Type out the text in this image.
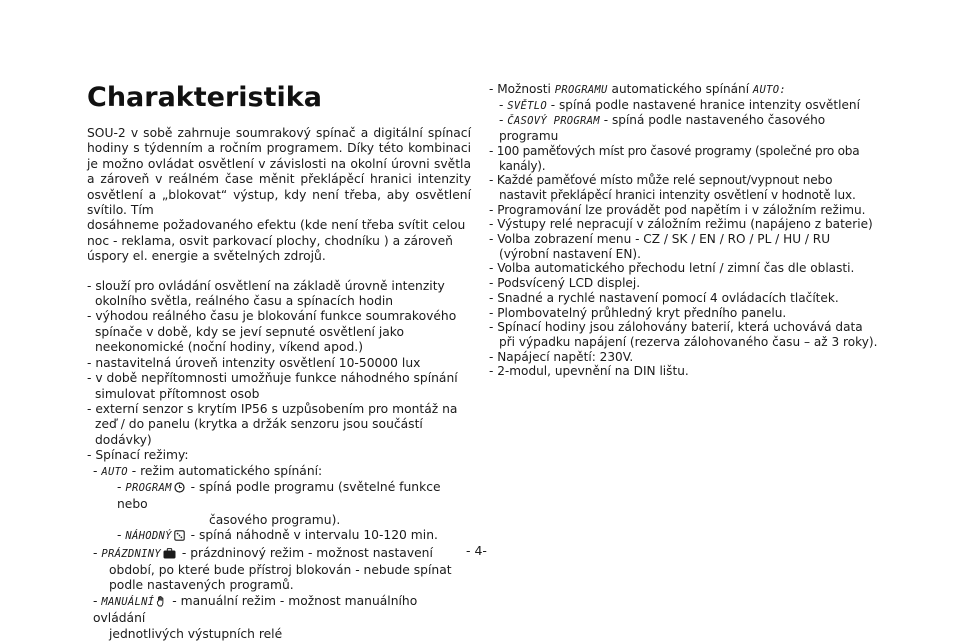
Charakteristika

SOU-2 v sobě zahrnuje soumrakový spínač a digitální spínací hodiny s týdenním a ročním programem. Díky této kombinaci je možno ovládat osvětlení v závislosti na okolní úrovni světla a zároveň v reálném čase měnit překlápěcí hranici intenzity osvětlení a „blokovat“ výstup, kdy není třeba, aby osvětlení svítilo. Tím

dosáhneme požadovaného efektu (kde není třeba svítit celou noc - reklama, osvit parkovací plochy, chodníku ) a zároveň úspory el. energie a světelných zdrojů.

- slouží pro ovládání osvětlení na základě úrovně intenzity okolního světla, reálného času a spínacích hodin
- výhodou reálného času je blokování funkce soumrakového spínače v době, kdy se jeví sepnuté osvětlení jako neekonomické (noční hodiny, víkend apod.)
- nastavitelná úroveň intenzity osvětlení 10-50000 lux
- v době nepřítomnosti umožňuje funkce náhodného spínání simulovat přítomnost osob
- externí senzor s krytím IP56 s uzpůsobením pro montáž na zeď / do panelu (krytka a držák senzoru jsou součástí dodávky)
- Spínací režimy:
- AUTO - režim automatického spínání:
- PROGRAM - spíná podle programu (světelné funkce nebo
časového programu).
- NÁHODNÝ - spíná náhodně v intervalu 10-120 min.
- PRÁZDNINY - prázdninový režim - možnost nastavení
období, po které bude přístroj blokován - nebude spínat podle nastavených programů.
- MANUÁLNÍ - manuální režim - možnost manuálního ovládání
jednotlivých výstupních relé
- Možnosti PROGRAMU automatického spínání AUTO:
- SVĚTLO - spíná podle nastavené hranice intenzity osvětlení
- ČASOVÝ PROGRAM - spíná podle nastaveného časového programu
- 100 paměťových míst pro časové programy (společné pro oba kanály).
- Každé paměťové místo může relé sepnout/vypnout nebo nastavit překlápěcí hranici intenzity osvětlení v hodnotě lux.
- Programování lze provádět pod napětím i v záložním režimu.
- Výstupy relé nepracují v záložním režimu (napájeno z baterie)
- Volba zobrazení menu - CZ / SK / EN / RO / PL / HU / RU (výrobní nastavení EN).
- Volba automatického přechodu letní / zimní čas dle oblasti.
- Podsvícený LCD displej.
- Snadné a rychlé nastavení pomocí 4 ovládacích tlačítek.
- Plombovatelný průhledný kryt předního panelu.
- Spínací hodiny jsou zálohovány baterií, která uchovává data při výpadku napájení (rezerva zálohovaného času – až 3 roky).
- Napájecí napětí: 230V.
- 2-modul, upevnění na DIN lištu.
- 4-
